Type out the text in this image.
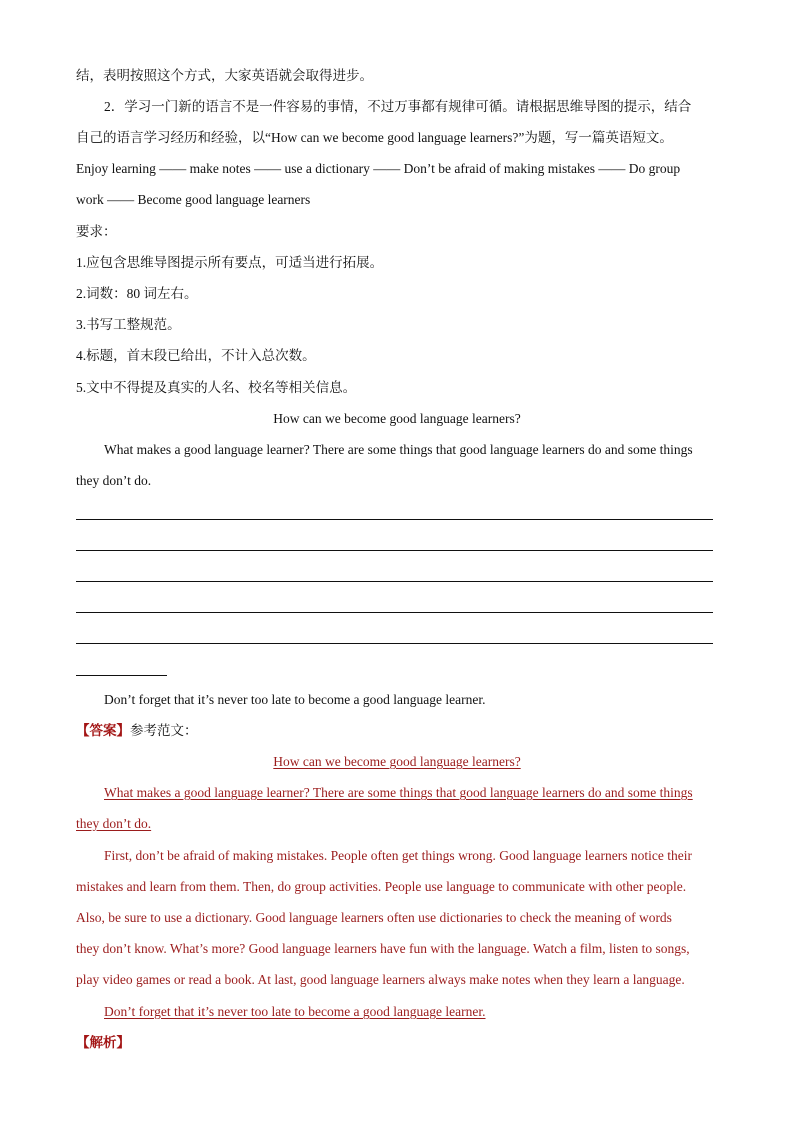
结，表明按照这个方式，大家英语就会取得进步。
2．学习一门新的语言不是一件容易的事情，不过万事都有规律可循。请根据思维导图的提示，结合
自己的语言学习经历和经验，以“How can we become good language learners?”为题，写一篇英语短文。
Enjoy learning —— make notes —— use a dictionary —— Don’t be afraid of making mistakes —— Do group
work —— Become good language learners
要求：
1.应包含思维导图提示所有要点，可适当进行拓展。
2.词数：80 词左右。
3.书写工整规范。
4.标题，首末段已给出，不计入总次数。
5.文中不得提及真实的人名、校名等相关信息。
How can we become good language learners?
What makes a good language learner? There are some things that good language learners do and some things
they don’t do.
Don’t forget that it’s never too late to become a good language learner.
【答案】参考范文：
How can we become good language learners?
What makes a good language learner? There are some things that good language learners do and some things
they don’t do.
First, don’t be afraid of making mistakes. People often get things wrong. Good language learners notice their
mistakes and learn from them. Then, do group activities. People use language to communicate with other people.
Also, be sure to use a dictionary. Good language learners often use dictionaries to check the meaning of words
they don’t know. What’s more? Good language learners have fun with the language. Watch a film, listen to songs,
play video games or read a book. At last, good language learners always make notes when they learn a language.
Don’t forget that it’s never too late to become a good language learner.
【解析】
